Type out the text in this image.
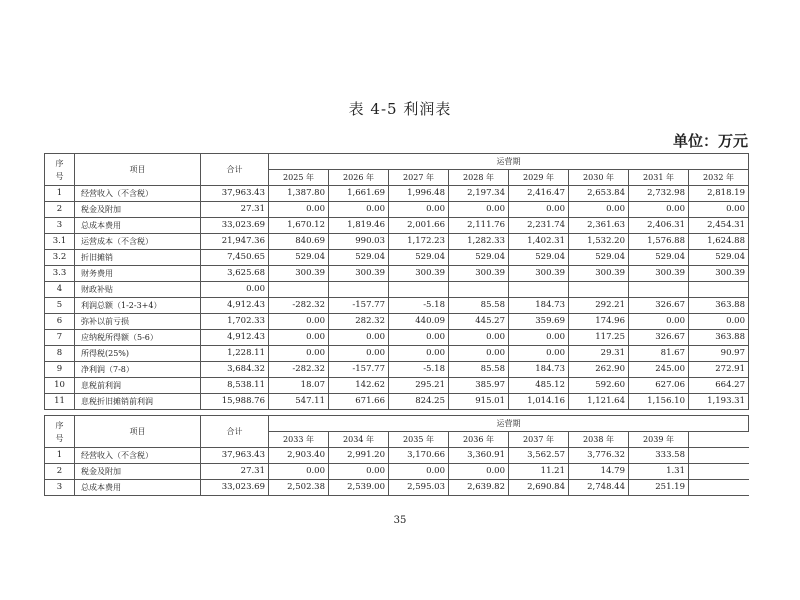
表 4-5 利润表
单位：万元
序
号	项目	合计	运营期							
			2025 年	2026 年	2027 年	2028 年	2029 年	2030 年	2031 年	2032 年
1	经营收入（不含税）	37,963.43	1,387.80	1,661.69	1,996.48	2,197.34	2,416.47	2,653.84	2,732.98	2,818.19
2	税金及附加	27.31	0.00	0.00	0.00	0.00	0.00	0.00	0.00	0.00
3	总成本费用	33,023.69	1,670.12	1,819.46	2,001.66	2,111.76	2,231.74	2,361.63	2,406.31	2,454.31
3.1	运营成本（不含税）	21,947.36	840.69	990.03	1,172.23	1,282.33	1,402.31	1,532.20	1,576.88	1,624.88
3.2	折旧摊销	7,450.65	529.04	529.04	529.04	529.04	529.04	529.04	529.04	529.04
3.3	财务费用	3,625.68	300.39	300.39	300.39	300.39	300.39	300.39	300.39	300.39
4	财政补贴	0.00								
5	利润总额（1-2-3+4）	4,912.43	-282.32	-157.77	-5.18	85.58	184.73	292.21	326.67	363.88
6	弥补以前亏损	1,702.33	0.00	282.32	440.09	445.27	359.69	174.96	0.00	0.00
7	应纳税所得额（5-6）	4,912.43	0.00	0.00	0.00	0.00	0.00	117.25	326.67	363.88
8	所得税(25%)	1,228.11	0.00	0.00	0.00	0.00	0.00	29.31	81.67	90.97
9	净利润（7-8）	3,684.32	-282.32	-157.77	-5.18	85.58	184.73	262.90	245.00	272.91
10	息税前利润	8,538.11	18.07	142.62	295.21	385.97	485.12	592.60	627.06	664.27
11	息税折旧摊销前利润	15,988.76	547.11	671.66	824.25	915.01	1,014.16	1,121.64	1,156.10	1,193.31
序
号	项目	合计	运营期							
			2033 年	2034 年	2035 年	2036 年	2037 年	2038 年	2039 年	
1	经营收入（不含税）	37,963.43	2,903.40	2,991.20	3,170.66	3,360.91	3,562.57	3,776.32	333.58	
2	税金及附加	27.31	0.00	0.00	0.00	0.00	11.21	14.79	1.31	
3	总成本费用	33,023.69	2,502.38	2,539.00	2,595.03	2,639.82	2,690.84	2,748.44	251.19	
35
